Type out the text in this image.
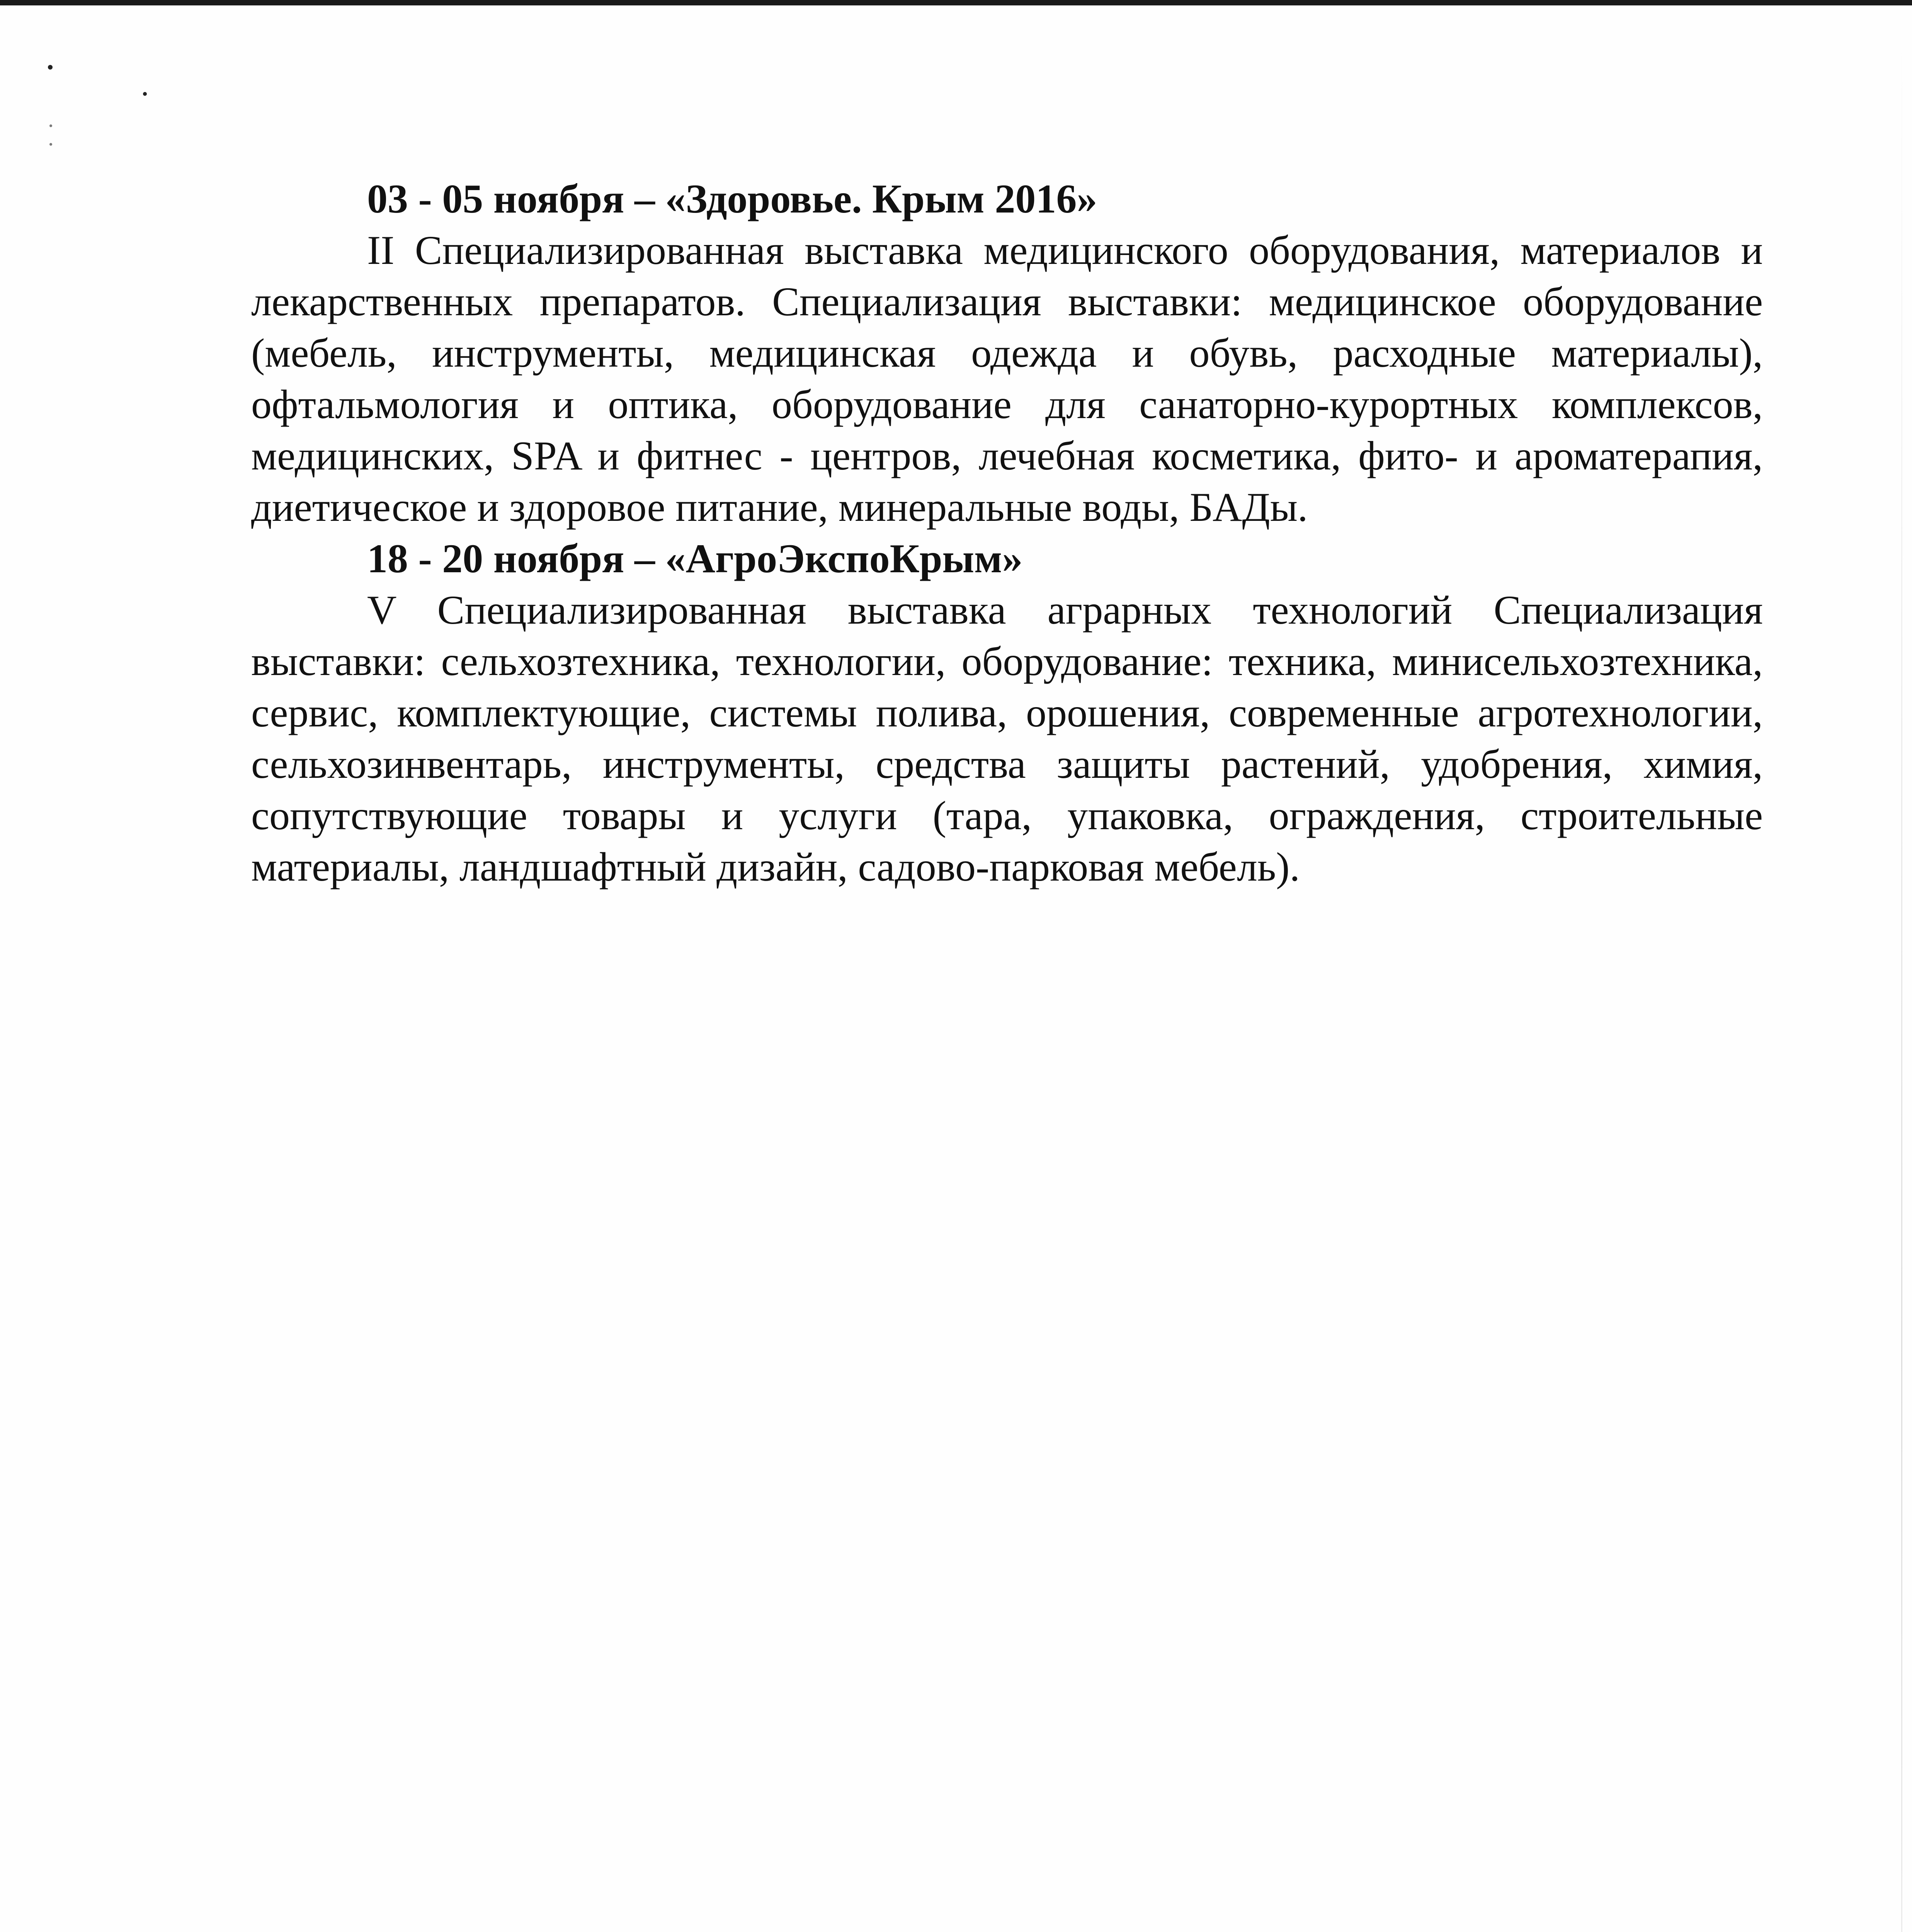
03 - 05 ноября – «Здоровье. Крым 2016»

II Специализированная выставка медицинского оборудования, материалов и лекарственных препаратов. Специализация выставки: медицинское оборудование (мебель, инструменты, медицинская одежда и обувь, расходные материалы), офтальмология и оптика, оборудование для санаторно-курортных комплексов, медицинских, SPA и фитнес - центров, лечебная косметика, фито- и ароматерапия, диетическое и здоровое питание, минеральные воды, БАДы.

18 - 20 ноября – «АгроЭкспоКрым»

V Специализированная выставка аграрных технологий Специализация выставки: сельхозтехника, технологии, оборудование: техника, минисельхозтехника, сервис, комплектующие, системы полива, орошения, современные агротехнологии, сельхозинвентарь, инструменты, средства защиты растений, удобрения, химия, сопутствующие товары и услуги (тара, упаковка, ограждения, строительные материалы, ландшафтный дизайн, садово-парковая мебель).
